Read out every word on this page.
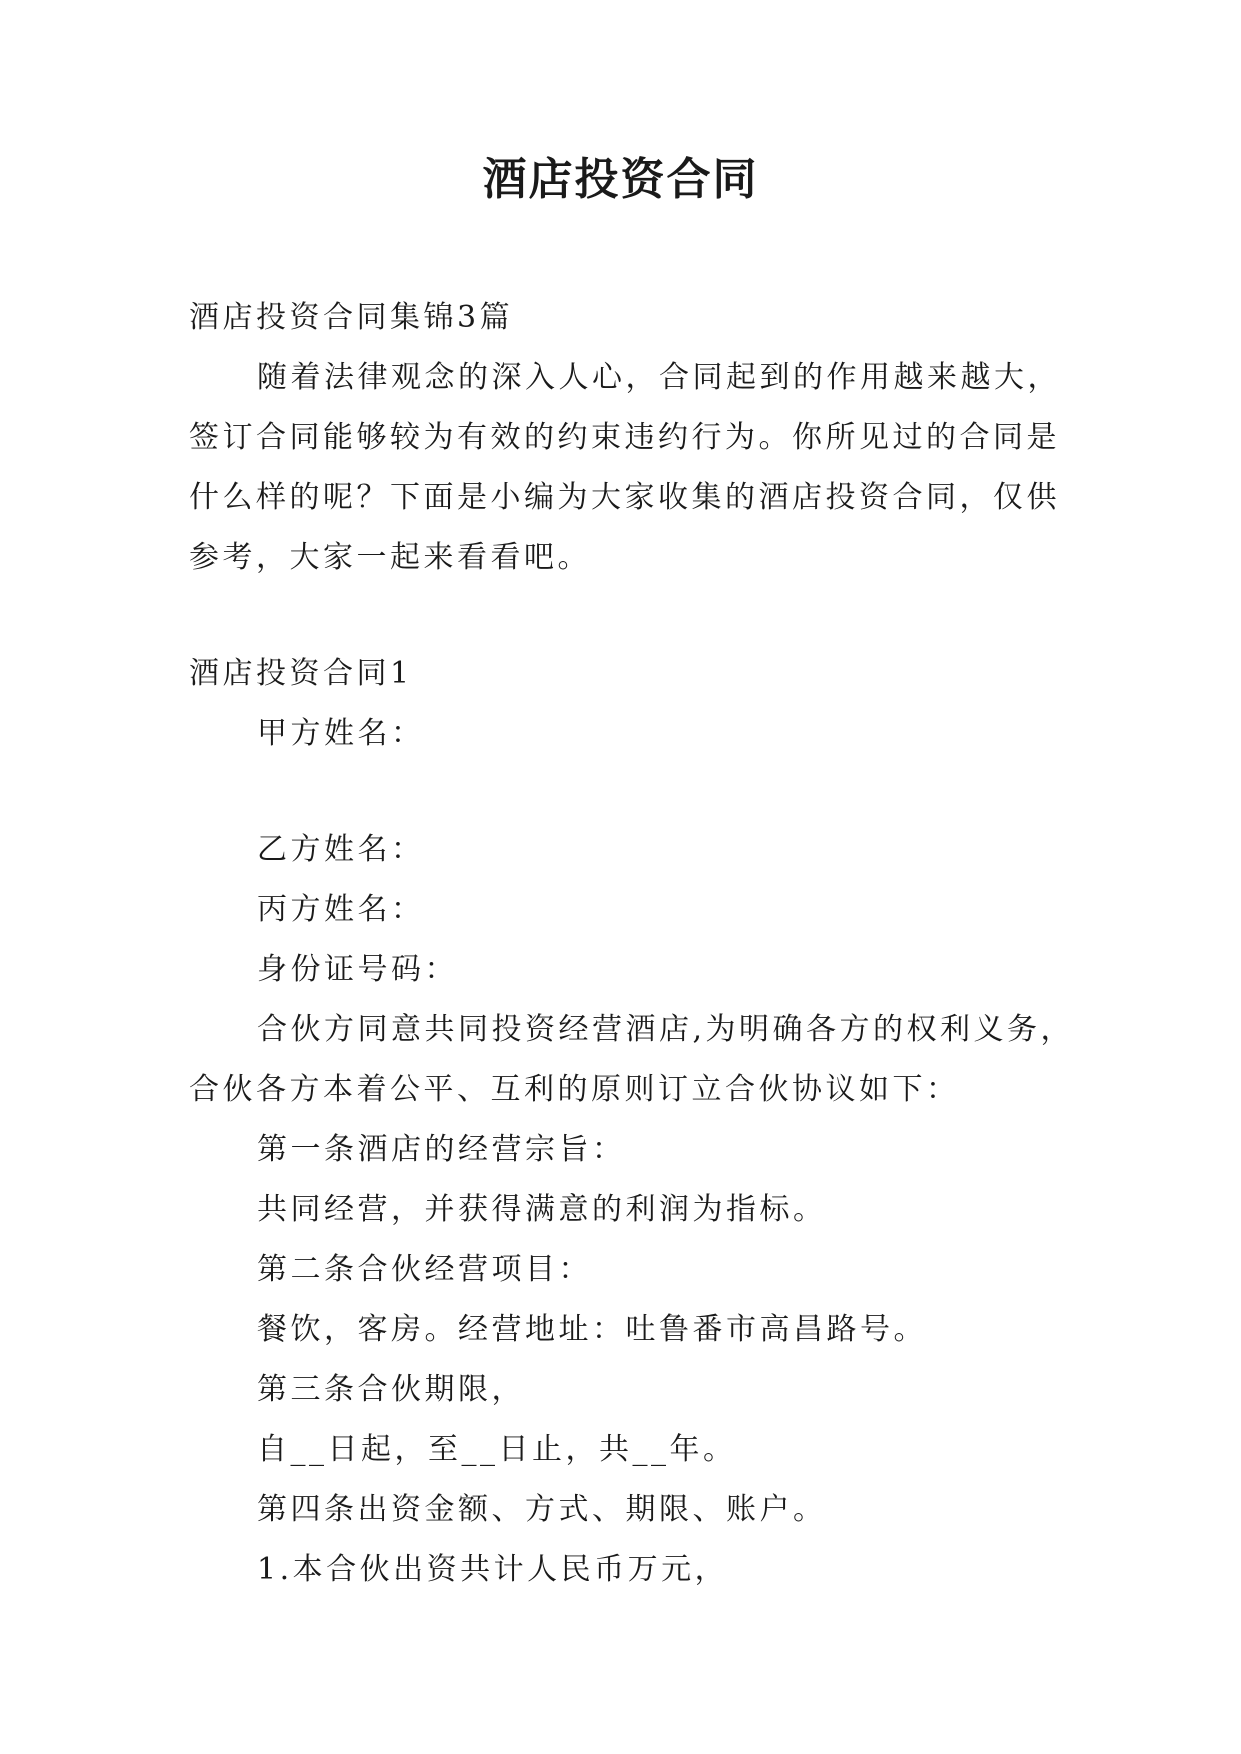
酒店投资合同
酒店投资合同集锦3篇
随着法律观念的深入人心，合同起到的作用越来越大，
签订合同能够较为有效的约束违约行为。你所见过的合同是
什么样的呢？下面是小编为大家收集的酒店投资合同，仅供
参考，大家一起来看看吧。
酒店投资合同1
甲方姓名：
乙方姓名：
丙方姓名：
身份证号码：
合伙方同意共同投资经营酒店,为明确各方的权利义务，
合伙各方本着公平、互利的原则订立合伙协议如下：
第一条酒店的经营宗旨：
共同经营，并获得满意的利润为指标。
第二条合伙经营项目：
餐饮，客房。经营地址：吐鲁番市高昌路号。
第三条合伙期限，
自__日起，至__日止，共__年。
第四条出资金额、方式、期限、账户。
1.本合伙出资共计人民币万元，
